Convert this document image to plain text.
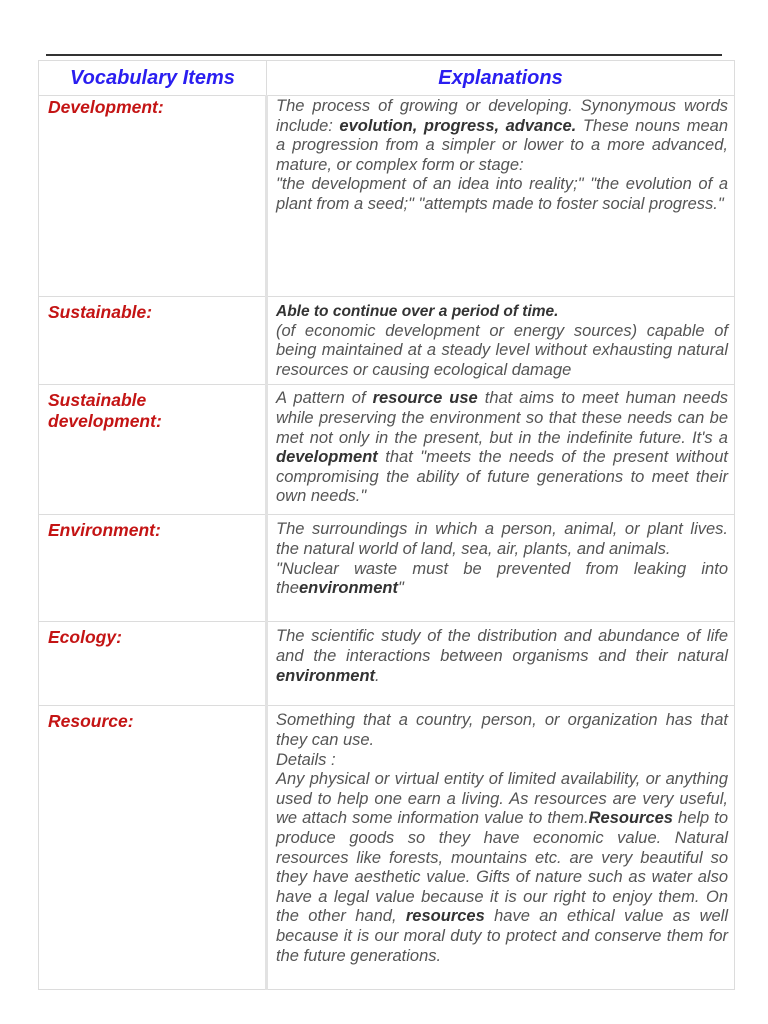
Vocabulary Items	Explanations
Development:	The process of growing or developing. Synonymous words include: evolution, progress, advance. These nouns mean a progression from a simpler or lower to a more advanced, mature, or complex form or stage:

"the development of an idea into reality;" "the evolution of a plant from a seed;" "attempts made to foster social progress."

Sustainable:	Able to continue over a period of time.

(of economic development or energy sources) capable of being maintained at a steady level without exhausting natural resources or causing ecological damage

Sustainable development:	A pattern of resource use that aims to meet human needs while preserving the environment so that these needs can be met not only in the present, but in the indefinite future. It's a development that "meets the needs of the present without compromising the ability of future generations to meet their own needs."

Environment:	The surroundings in which a person, animal, or plant lives. the natural world of land, sea, air, plants, and animals.

"Nuclear waste must be prevented from leaking into theenvironment"

Ecology:	The scientific study of the distribution and abundance of life and the interactions between organisms and their natural environment.

Resource:	Something that a country, person, or organization has that they can use.

Details :

Any physical or virtual entity of limited availability, or anything used to help one earn a living. As resources are very useful, we attach some information value to them.Resources help to produce goods so they have economic value. Natural resources like forests, mountains etc. are very beautiful so they have aesthetic value. Gifts of nature such as water also have a legal value because it is our right to enjoy them. On the other hand, resources have an ethical value as well because it is our moral duty to protect and conserve them for the future generations.
